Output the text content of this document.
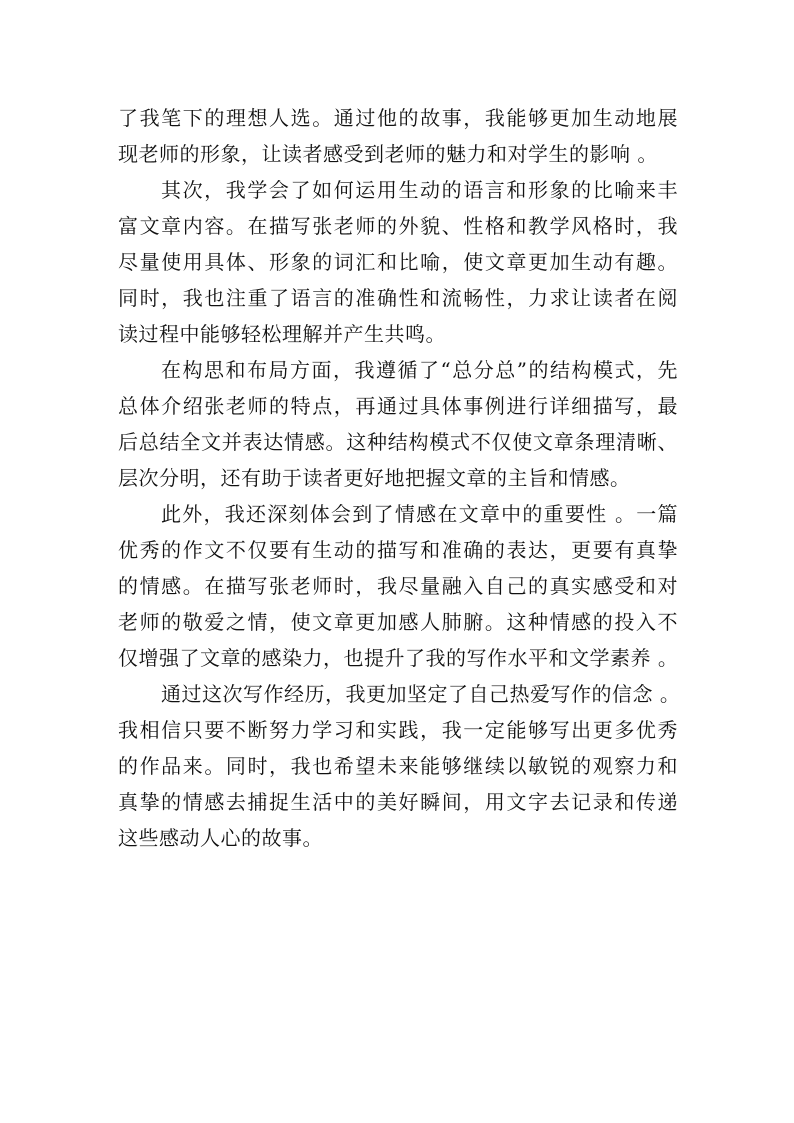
了我笔下的理想人选。通过他的故事，我能够更加生动地展
现老师的形象，让读者感受到老师的魅力和对学生的影响 。
其次，我学会了如何运用生动的语言和形象的比喻来丰
富文章内容。在描写张老师的外貌、性格和教学风格时，我
尽量使用具体、形象的词汇和比喻，使文章更加生动有趣。
同时，我也注重了语言的准确性和流畅性，力求让读者在阅
读过程中能够轻松理解并产生共鸣。
在构思和布局方面，我遵循了“总分总”的结构模式，先
总体介绍张老师的特点，再通过具体事例进行详细描写，最
后总结全文并表达情感。这种结构模式不仅使文章条理清晰、
层次分明，还有助于读者更好地把握文章的主旨和情感。
此外，我还深刻体会到了情感在文章中的重要性 。一篇
优秀的作文不仅要有生动的描写和准确的表达，更要有真挚
的情感。在描写张老师时，我尽量融入自己的真实感受和对
老师的敬爱之情，使文章更加感人肺腑。这种情感的投入不
仅增强了文章的感染力，也提升了我的写作水平和文学素养 。
通过这次写作经历，我更加坚定了自己热爱写作的信念 。
我相信只要不断努力学习和实践，我一定能够写出更多优秀
的作品来。同时，我也希望未来能够继续以敏锐的观察力和
真挚的情感去捕捉生活中的美好瞬间，用文字去记录和传递
这些感动人心的故事。
